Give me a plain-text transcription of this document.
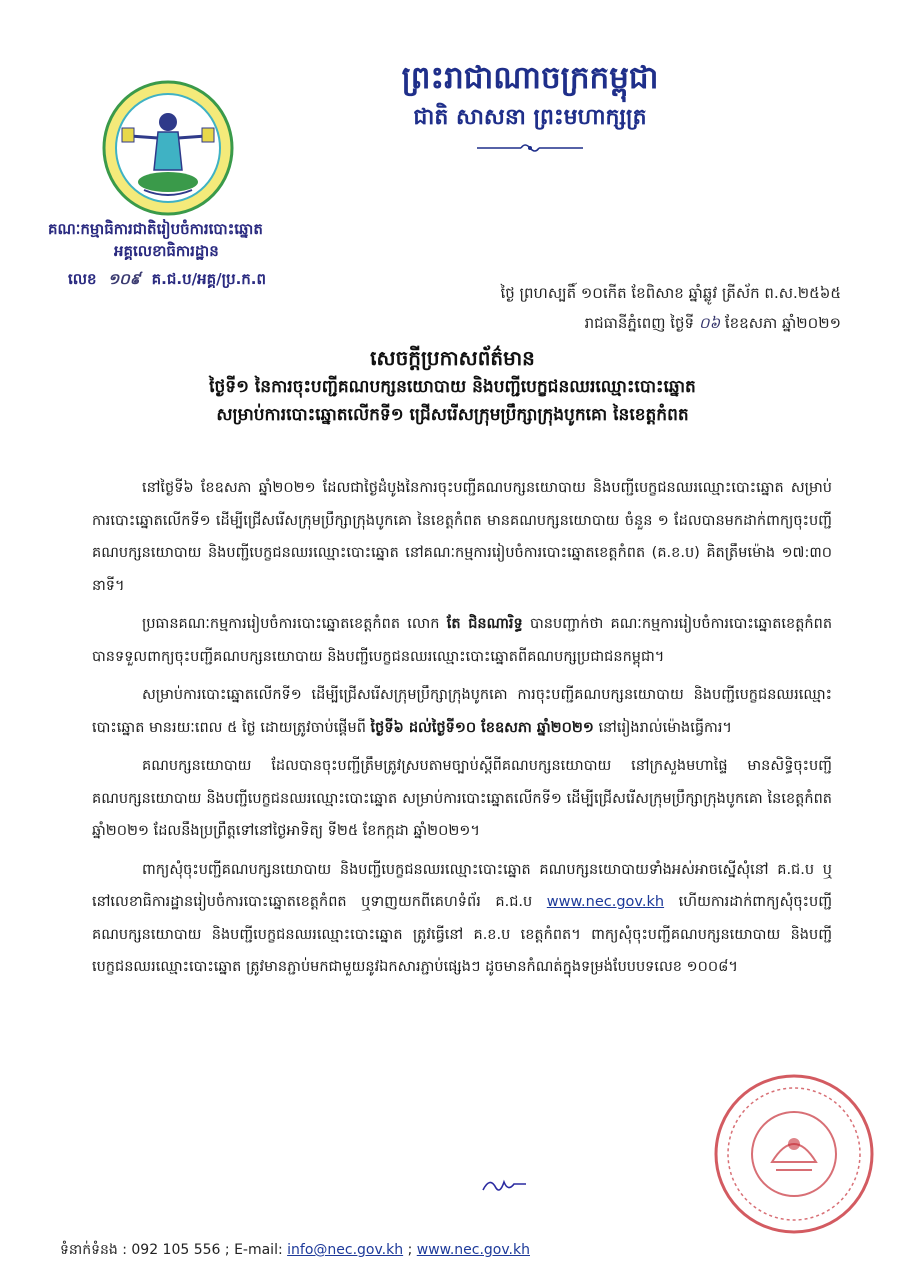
ព្រះរាជាណាចក្រកម្ពុជា
ជាតិ សាសនា ព្រះមហាក្សត្រ
គណៈកម្មាធិការជាតិរៀបចំការបោះឆ្នោត
អគ្គលេខាធិការដ្ឋាន
លេខ ១០៩ គ.ជ.ប/អគ្គ/ប្រ.ក.ព
ថ្ងៃ ព្រហស្បតិ៍ ១០កើត ខែពិសាខ ឆ្នាំឆ្លូវ ត្រីស័ក ព.ស.២៥៦៥
រាជធានីភ្នំពេញ ថ្ងៃទី ០៦ ខែឧសភា ឆ្នាំ២០២១
សេចក្តីប្រកាសព័ត៌មាន
ថ្ងៃទី១ នៃការចុះបញ្ជីគណបក្សនយោបាយ និងបញ្ជីបេក្ខជនឈរឈ្មោះបោះឆ្នោត
សម្រាប់ការបោះឆ្នោតលើកទី១ ជ្រើសរើសក្រុមប្រឹក្សាក្រុងបូកគោ នៃខេត្តកំពត

នៅថ្ងៃទី៦ ខែឧសភា ឆ្នាំ២០២១ ដែលជាថ្ងៃដំបូងនៃការចុះបញ្ជីគណបក្សនយោបាយ និងបញ្ជីបេក្ខជនឈរឈ្មោះបោះឆ្នោត សម្រាប់ការបោះឆ្នោតលើកទី១ ដើម្បីជ្រើសរើសក្រុមប្រឹក្សាក្រុងបូកគោ នៃខេត្តកំពត មានគណបក្សនយោបាយ ចំនួន ១ ដែលបានមកដាក់ពាក្យចុះបញ្ជីគណបក្សនយោបាយ និងបញ្ជីបេក្ខជនឈរឈ្មោះបោះឆ្នោត នៅគណៈកម្មការរៀបចំការបោះឆ្នោតខេត្តកំពត (គ.ខ.ប) គិតត្រឹមម៉ោង ១៧:៣០ នាទី។

ប្រធានគណៈកម្មការរៀបចំការបោះឆ្នោតខេត្តកំពត លោក តែ ជិនណារិទ្ធ បានបញ្ជាក់ថា គណៈកម្មការរៀបចំការបោះឆ្នោតខេត្តកំពត បានទទួលពាក្យចុះបញ្ជីគណបក្សនយោបាយ និងបញ្ជីបេក្ខជនឈរឈ្មោះបោះឆ្នោតពីគណបក្សប្រជាជនកម្ពុជា។

សម្រាប់ការបោះឆ្នោតលើកទី១ ដើម្បីជ្រើសរើសក្រុមប្រឹក្សាក្រុងបូកគោ ការចុះបញ្ជីគណបក្សនយោបាយ និងបញ្ជីបេក្ខជនឈរឈ្មោះបោះឆ្នោត មានរយៈពេល ៥ ថ្ងៃ ដោយត្រូវចាប់ផ្តើមពី ថ្ងៃទី៦ ដល់ថ្ងៃទី១០ ខែឧសភា ឆ្នាំ២០២១ នៅរៀងរាល់ម៉ោងធ្វើការ។

គណបក្សនយោបាយ ដែលបានចុះបញ្ជីត្រឹមត្រូវស្របតាមច្បាប់ស្តីពីគណបក្សនយោបាយ នៅក្រសួងមហាផ្ទៃ មានសិទ្ធិចុះបញ្ជីគណបក្សនយោបាយ និងបញ្ជីបេក្ខជនឈរឈ្មោះបោះឆ្នោត សម្រាប់ការបោះឆ្នោតលើកទី១ ដើម្បីជ្រើសរើសក្រុមប្រឹក្សាក្រុងបូកគោ នៃខេត្តកំពត ឆ្នាំ២០២១ ដែលនឹងប្រព្រឹត្តទៅនៅថ្ងៃអាទិត្យ ទី២៥ ខែកក្កដា ឆ្នាំ២០២១។

ពាក្យសុំចុះបញ្ជីគណបក្សនយោបាយ និងបញ្ជីបេក្ខជនឈរឈ្មោះបោះឆ្នោត គណបក្សនយោបាយទាំងអស់អាចស្នើសុំនៅ គ.ជ.ប ឬ នៅលេខាធិការដ្ឋានរៀបចំការបោះឆ្នោតខេត្តកំពត ឬទាញយកពីគេហទំព័រ គ.ជ.ប www.nec.gov.kh ហើយការដាក់ពាក្យសុំចុះបញ្ជីគណបក្សនយោបាយ និងបញ្ជីបេក្ខជនឈរឈ្មោះបោះឆ្នោត ត្រូវធ្វើនៅ គ.ខ.ប ខេត្តកំពត។ ពាក្យសុំចុះបញ្ជីគណបក្សនយោបាយ និងបញ្ជីបេក្ខជនឈរឈ្មោះបោះឆ្នោត ត្រូវមានភ្ជាប់មកជាមួយនូវឯកសារភ្ជាប់ផ្សេងៗ ដូចមានកំណត់ក្នុងទម្រង់បែបបទលេខ ១០០៨។

ទំនាក់ទំនង : 092 105 556 ; E-mail: info@nec.gov.kh ; www.nec.gov.kh
